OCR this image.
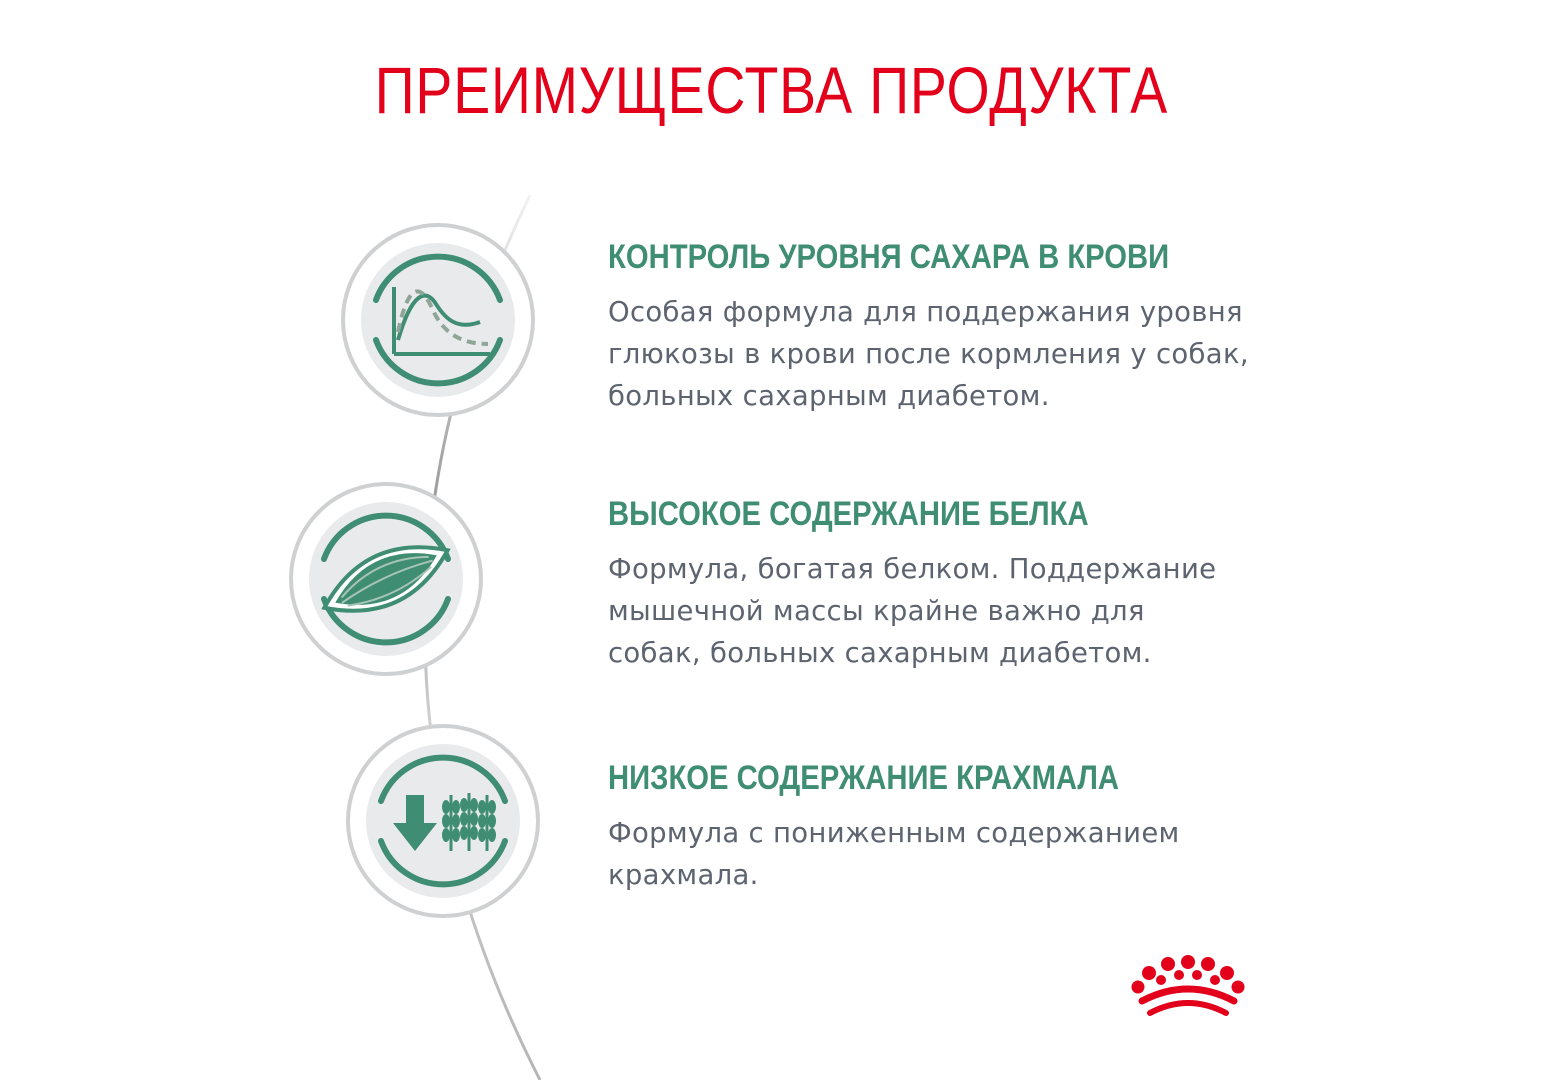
ПРЕИМУЩЕСТВА ПРОДУКТА
КОНТРОЛЬ УРОВНЯ САХАРА В КРОВИ

Особая формула для поддержания уровня
глюкозы в крови после кормления у собак,
больных сахарным диабетом.

ВЫСОКОЕ СОДЕРЖАНИЕ БЕЛКА

Формула, богатая белком. Поддержание
мышечной массы крайне важно для
собак, больных сахарным диабетом.

НИЗКОЕ СОДЕРЖАНИЕ КРАХМАЛА

Формула с пониженным содержанием
крахмала.
